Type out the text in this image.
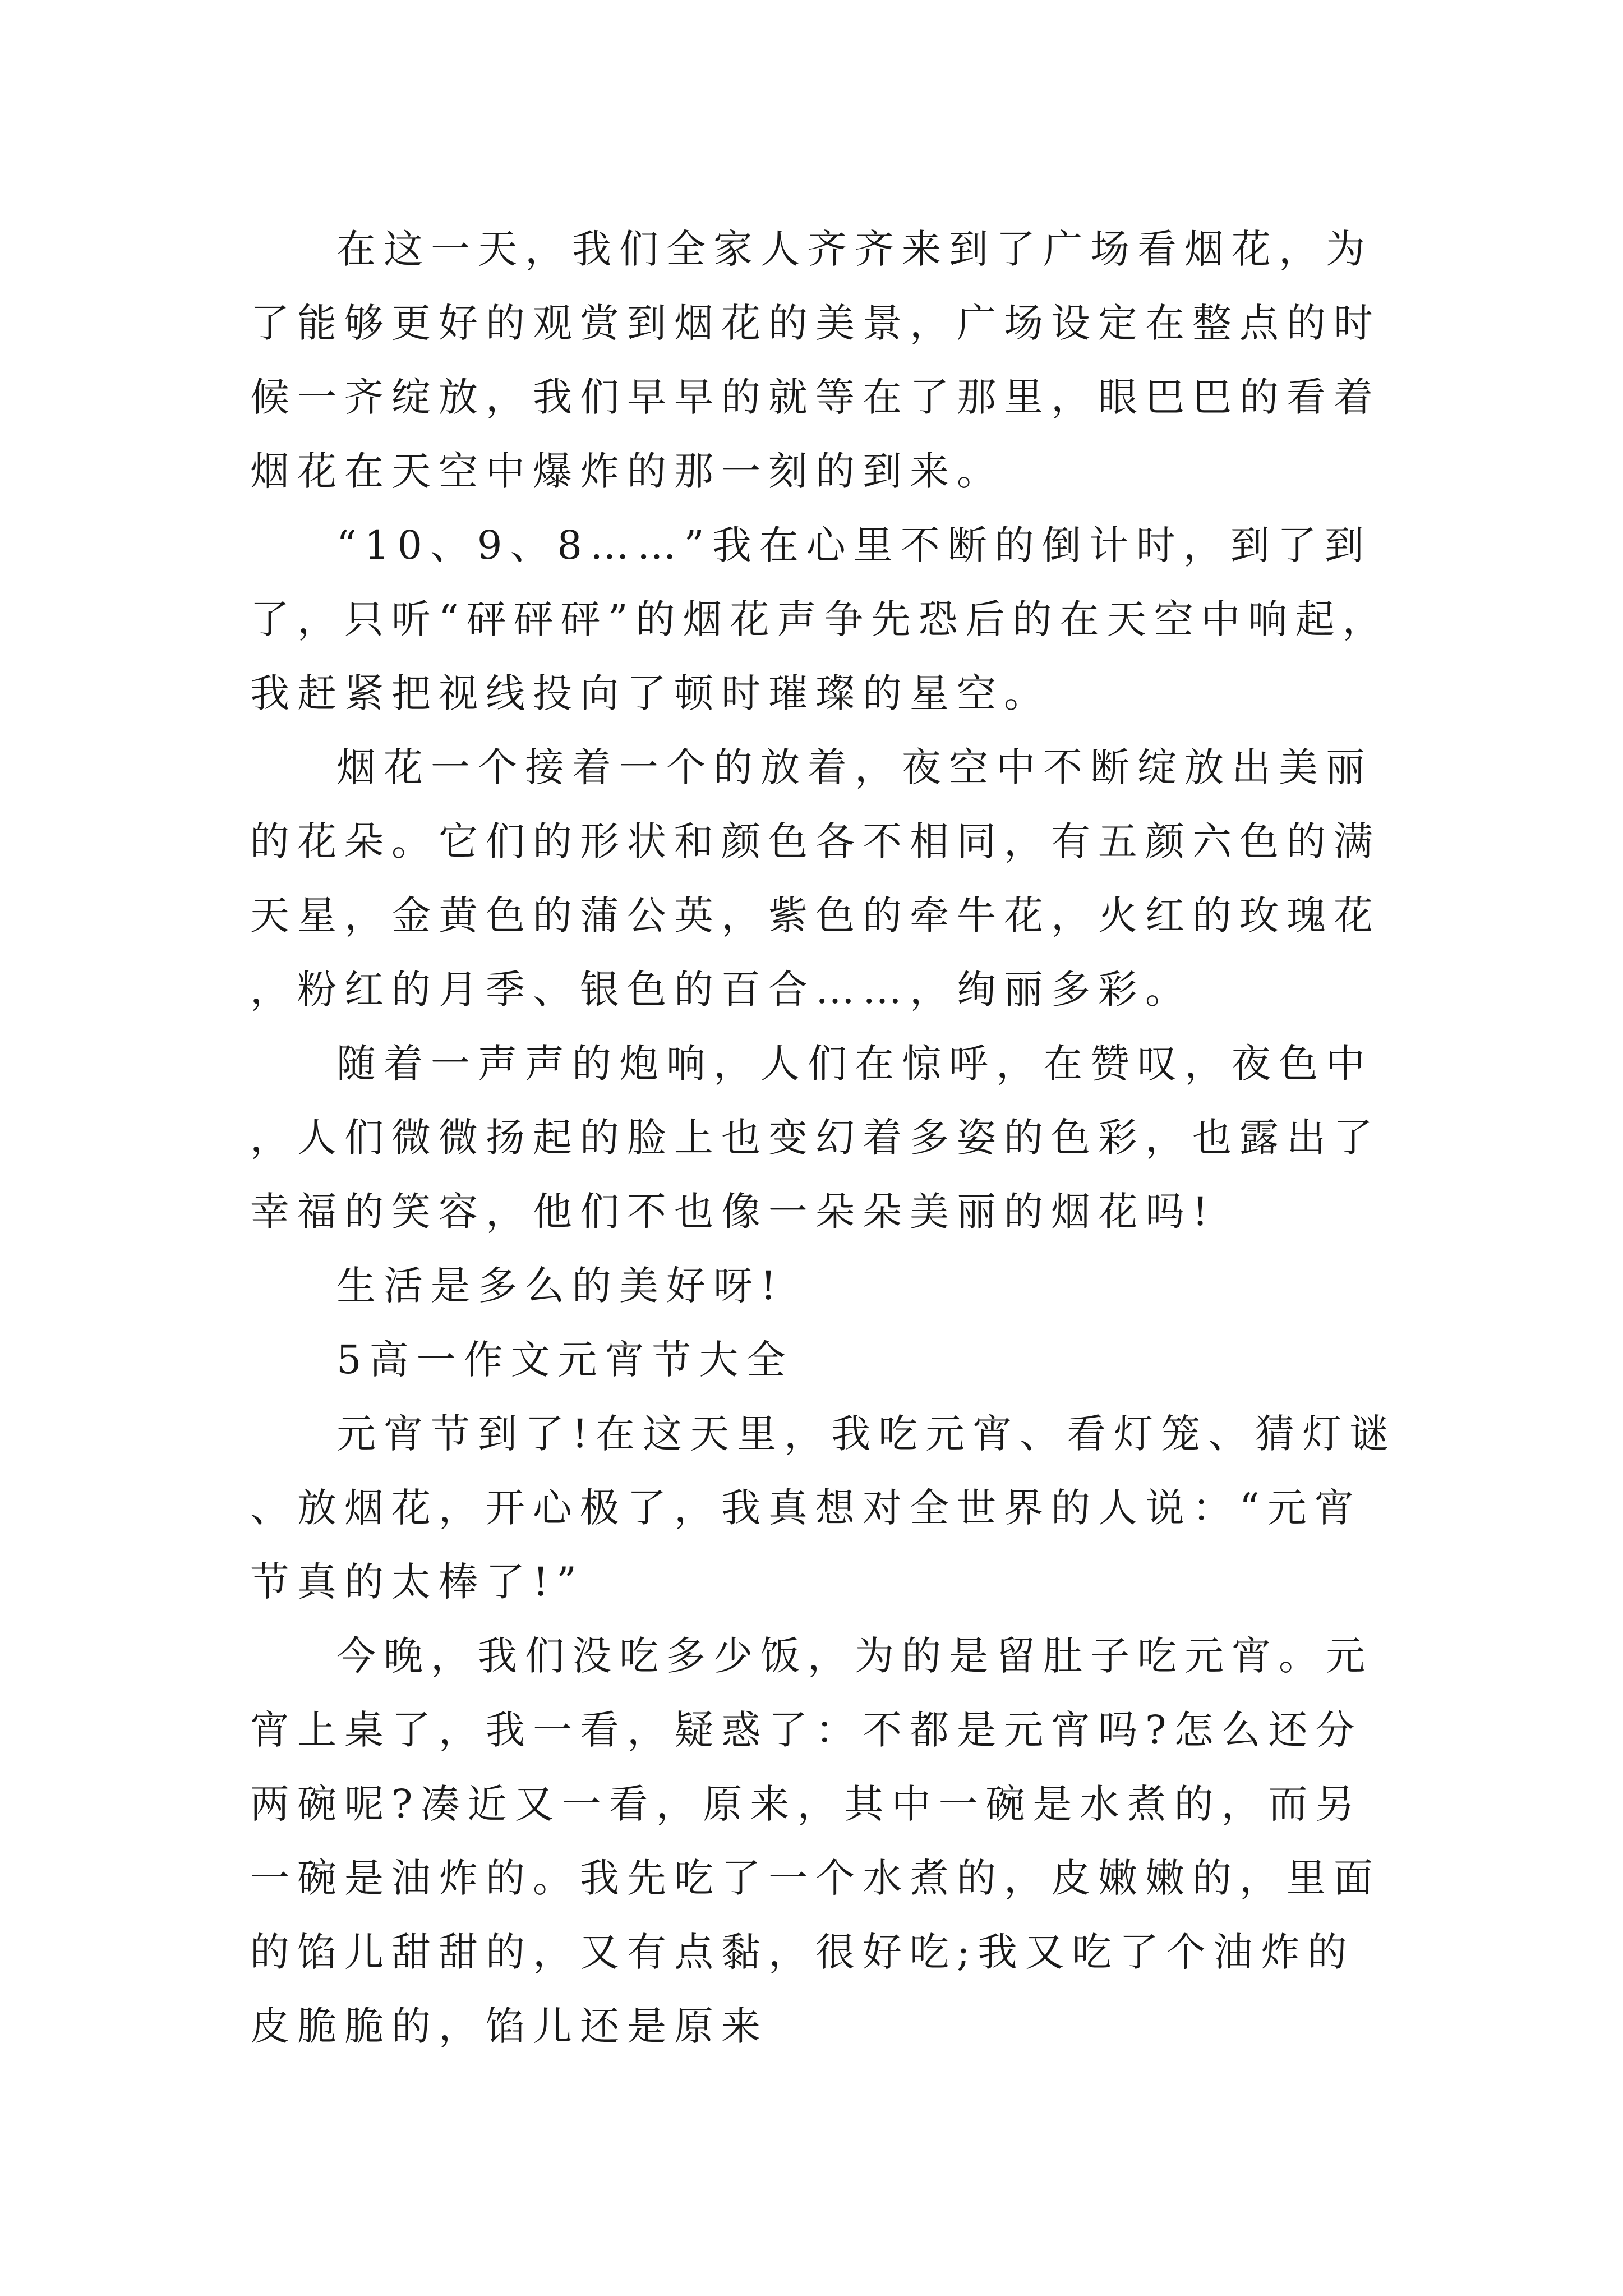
在这一天，我们全家人齐齐来到了广场看烟花，为了能够更好的观赏到烟花的美景，广场设定在整点的时候一齐绽放，我们早早的就等在了那里，眼巴巴的看着烟花在天空中爆炸的那一刻的到来。

“10、9、8……”我在心里不断的倒计时，到了到了，只听“砰砰砰”的烟花声争先恐后的在天空中响起，我赶紧把视线投向了顿时璀璨的星空。

烟花一个接着一个的放着，夜空中不断绽放出美丽的花朵。它们的形状和颜色各不相同，有五颜六色的满天星，金黄色的蒲公英，紫色的牵牛花，火红的玫瑰花，粉红的月季、银色的百合……，绚丽多彩。

随着一声声的炮响，人们在惊呼，在赞叹，夜色中，人们微微扬起的脸上也变幻着多姿的色彩，也露出了幸福的笑容，他们不也像一朵朵美丽的烟花吗!

生活是多么的美好呀!

5高一作文元宵节大全

元宵节到了!在这天里，我吃元宵、看灯笼、猜灯谜、放烟花，开心极了，我真想对全世界的人说：“元宵节真的太棒了!”

今晚，我们没吃多少饭，为的是留肚子吃元宵。元宵上桌了，我一看，疑惑了：不都是元宵吗?怎么还分两碗呢?凑近又一看，原来，其中一碗是水煮的，而另一碗是油炸的。我先吃了一个水煮的，皮嫩嫩的，里面的馅儿甜甜的，又有点黏，很好吃;我又吃了个油炸的皮脆脆的，馅儿还是原来
